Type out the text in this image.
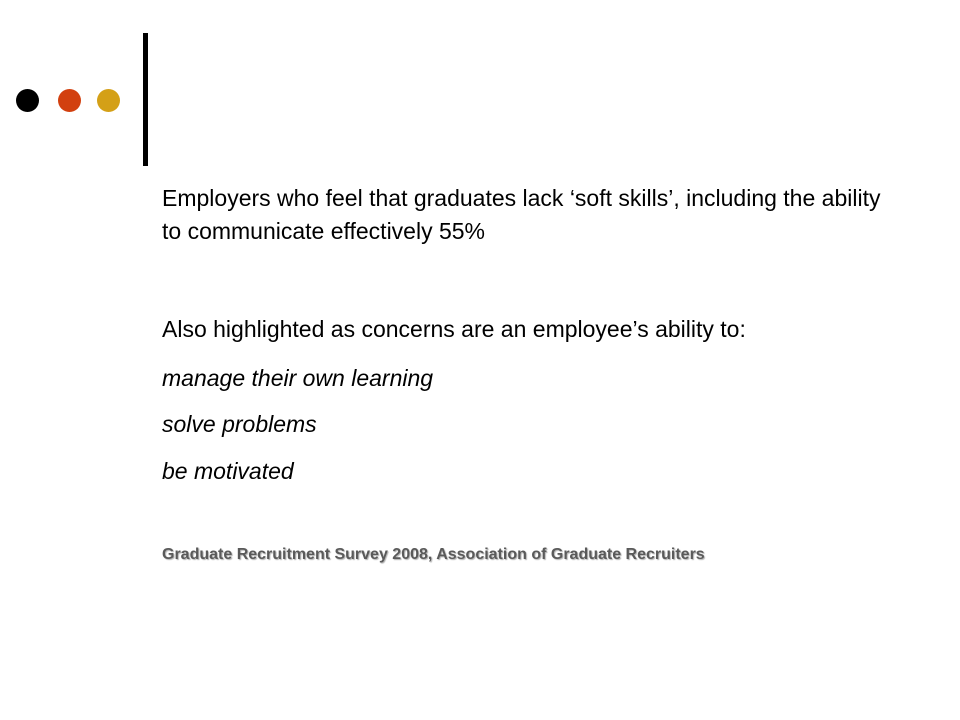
Employers who feel that graduates lack ‘soft skills’, including the ability to communicate effectively 55%

Also highlighted as concerns are an employee’s ability to:

manage their own learning

solve problems

be motivated

Graduate Recruitment Survey 2008, Association of Graduate Recruiters
